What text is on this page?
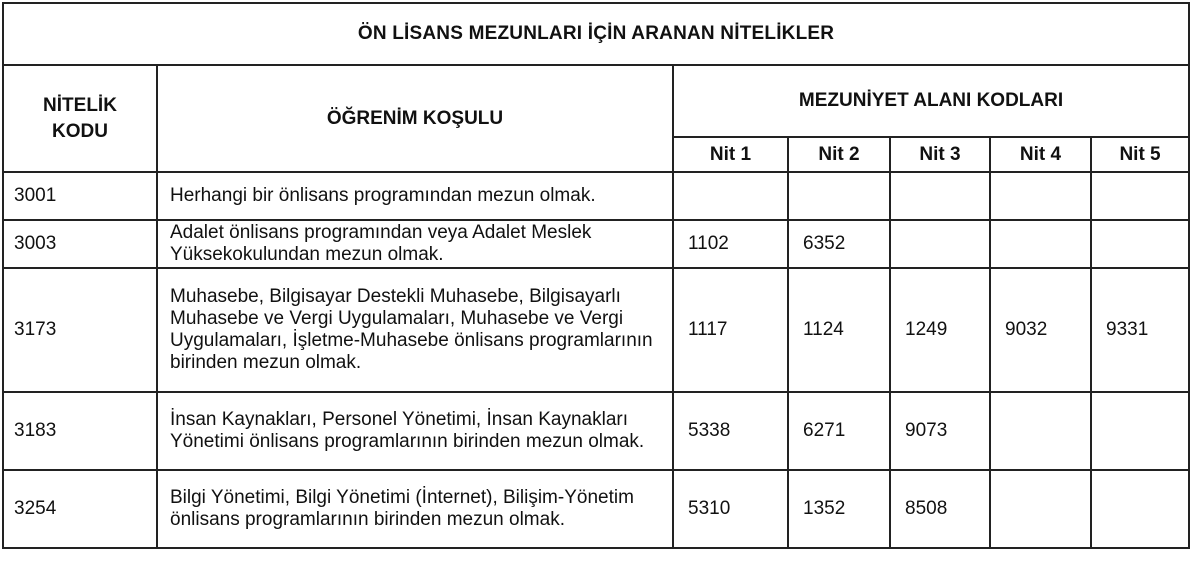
ÖN LİSANS MEZUNLARI İÇİN ARANAN NİTELİKLER						
NİTELİK
KODU	ÖĞRENİM KOŞULU	MEZUNİYET ALANI KODLARI				
		Nit 1	Nit 2	Nit 3	Nit 4	Nit 5
3001	Herhangi bir önlisans programından mezun olmak.					
3003	Adalet önlisans programından veya Adalet Meslek Yüksekokulundan mezun olmak.	1102	6352			
3173	Muhasebe, Bilgisayar Destekli Muhasebe, Bilgisayarlı Muhasebe ve Vergi Uygulamaları, Muhasebe ve Vergi Uygulamaları, İşletme-Muhasebe önlisans programlarının birinden mezun olmak.	1117	1124	1249	9032	9331
3183	İnsan Kaynakları, Personel Yönetimi, İnsan Kaynakları Yönetimi önlisans programlarının birinden mezun olmak.	5338	6271	9073		
3254	Bilgi Yönetimi, Bilgi Yönetimi (İnternet), Bilişim-Yönetim önlisans programlarının birinden mezun olmak.	5310	1352	8508		
